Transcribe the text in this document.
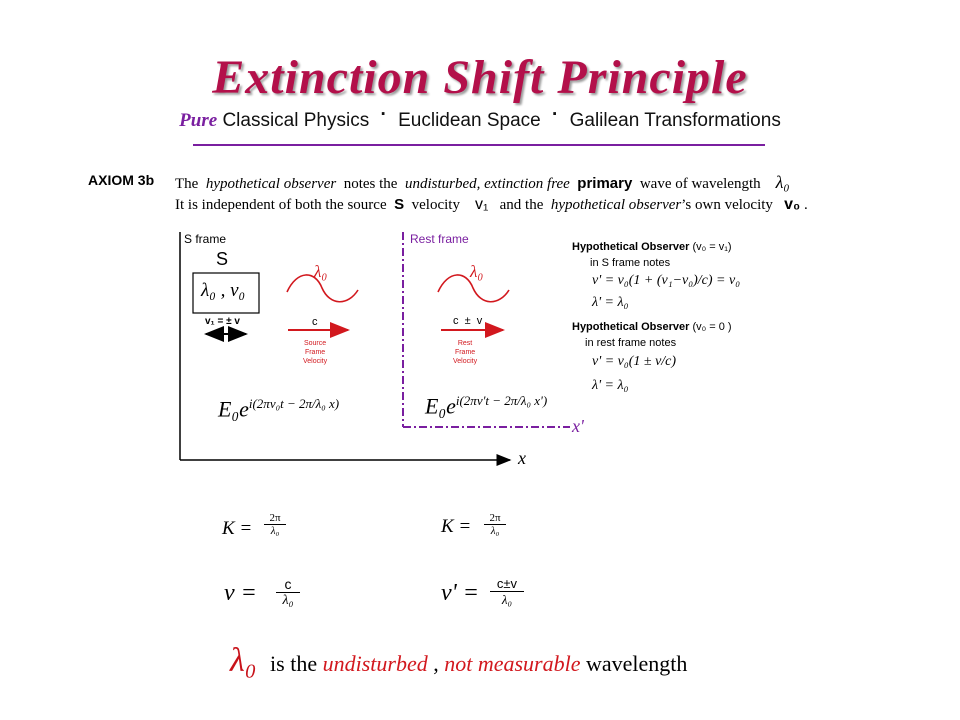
Extinction Shift Principle
Pure Classical Physics · Euclidean Space · Galilean Transformations
AXIOM 3b The hypothetical observer notes the undisturbed, extinction free primary wave of wavelength λ₀
It is independent of both the source S velocity v₁ and the hypothetical observer’s own velocity v₀ .
S frame
S
λ₀ , ν₀
v₁ = ± v
λ₀
c
Source
Frame
Velocity
$E_0e^{i(2\pi\nu_0t - 2\pi/\lambda_0 x)}$
x
Rest frame
λ₀
c  ±  v
Rest
Frame
Velocity
$E_0e^{i(2\pi\nu't - 2\pi/\lambda_0 x')}$
x'
Hypothetical Observer (v₀ = v₁)
in S frame notes
ν' = ν₀(1 + (v₁−v₀)/c) = ν₀
λ' = λ₀
Hypothetical Observer (v₀ = 0 )
in rest frame notes
ν' = ν₀(1 ± v/c)
λ' = λ₀
$K = \frac{2\pi}{\text{λ₀}}$	$K = \frac{2\pi}{\text{λ₀}}$
$\nu = \frac{c}{\text{λ₀}}$	$\nu' = \frac{c\pm v}{\text{λ₀}}$
λ₀ is the undisturbed , not measurable wavelength
